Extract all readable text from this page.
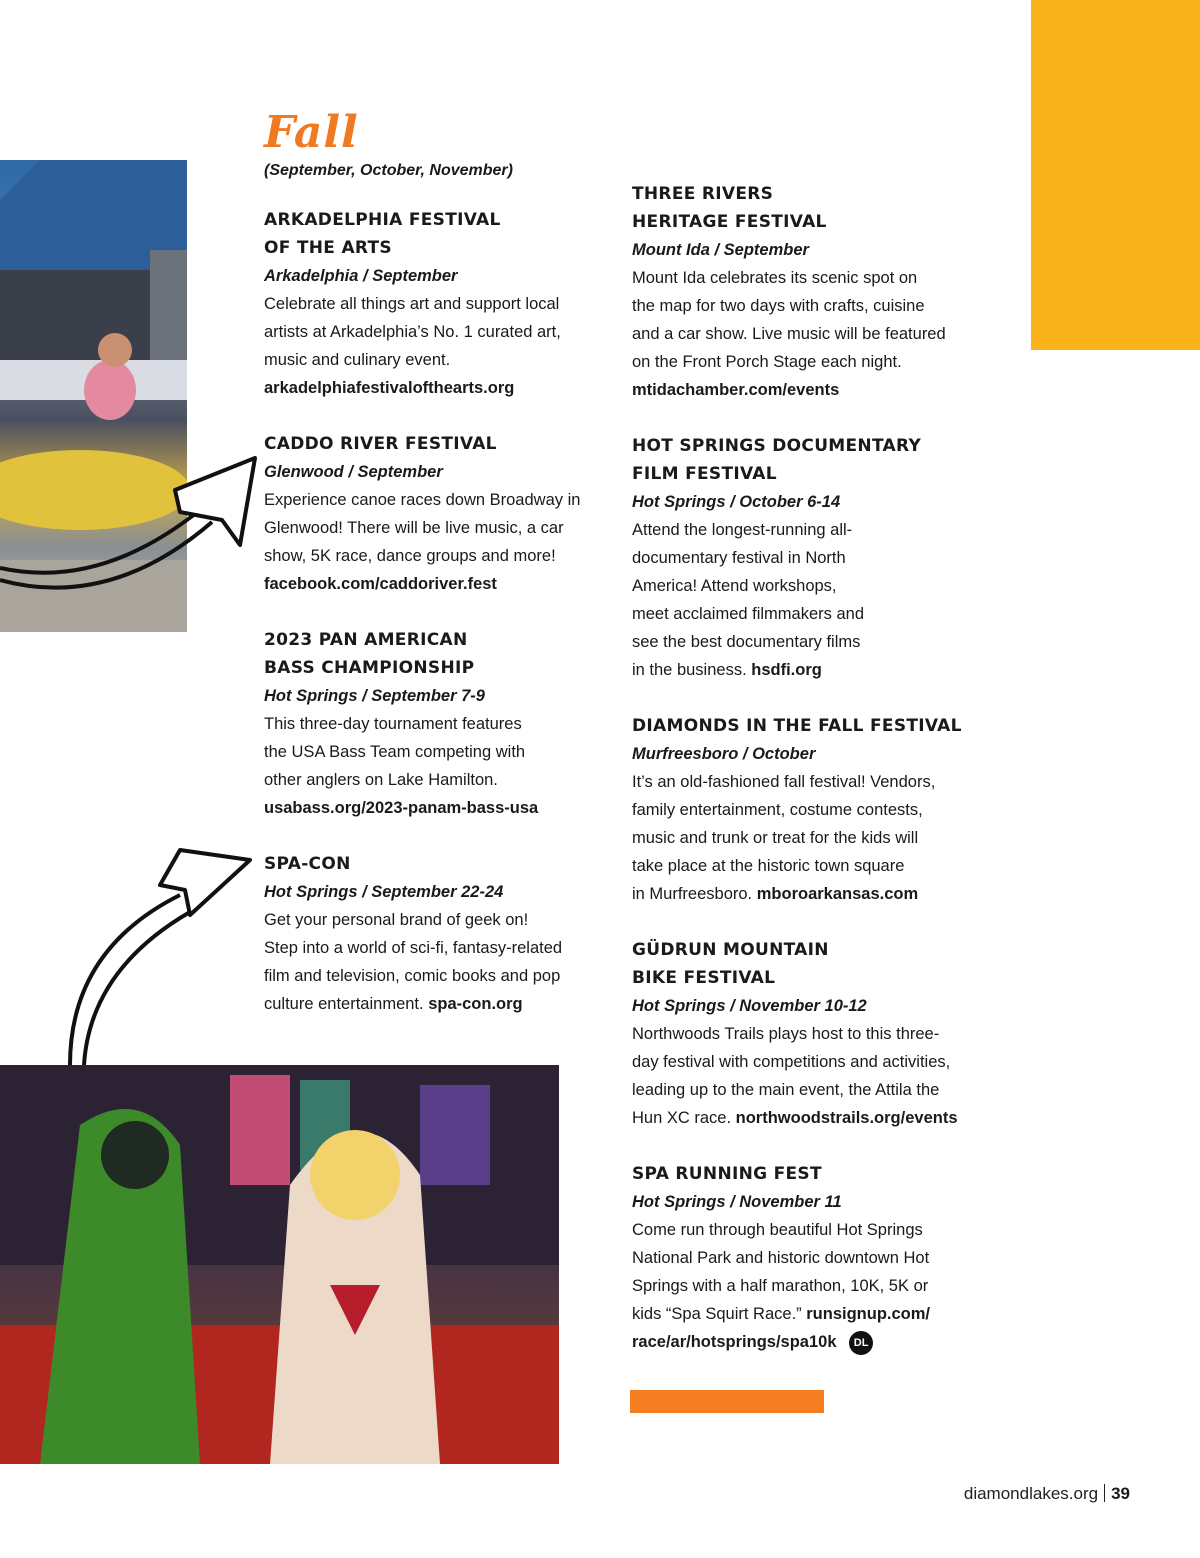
Fall
(September, October, November)
ARKADELPHIA FESTIVAL
OF THE ARTS
Arkadelphia / September

Celebrate all things art and support local
artists at Arkadelphia’s No. 1 curated art,
music and culinary event.

arkadelphiafestivalofthearts.org
CADDO RIVER FESTIVAL
Glenwood / September

Experience canoe races down Broadway in
Glenwood! There will be live music, a car
show, 5K race, dance groups and more!

facebook.com/caddoriver.fest
2023 PAN AMERICAN
BASS CHAMPIONSHIP
Hot Springs / September 7-9

This three-day tournament features
the USA Bass Team competing with
other anglers on Lake Hamilton.

usabass.org/2023-panam-bass-usa
SPA-CON
Hot Springs / September 22-24

Get your personal brand of geek on!
Step into a world of sci-fi, fantasy-related
film and television, comic books and pop
culture entertainment. spa-con.org

THREE RIVERS
HERITAGE FESTIVAL
Mount Ida / September

Mount Ida celebrates its scenic spot on
the map for two days with crafts, cuisine
and a car show. Live music will be featured
on the Front Porch Stage each night.

mtidachamber.com/events
HOT SPRINGS DOCUMENTARY
FILM FESTIVAL
Hot Springs / October 6-14

Attend the longest-running all-
documentary festival in North
America! Attend workshops,
meet acclaimed filmmakers and
see the best documentary films
in the business. hsdfi.org

DIAMONDS IN THE FALL FESTIVAL
Murfreesboro / October

It’s an old-fashioned fall festival! Vendors,
family entertainment, costume contests,
music and trunk or treat for the kids will
take place at the historic town square
in Murfreesboro. mboroarkansas.com

GÜDRUN MOUNTAIN
BIKE FESTIVAL
Hot Springs / November 10-12

Northwoods Trails plays host to this three-
day festival with competitions and activities,
leading up to the main event, the Attila the
Hun XC race. northwoodstrails.org/events

SPA RUNNING FEST
Hot Springs / November 11

Come run through beautiful Hot Springs
National Park and historic downtown Hot
Springs with a half marathon, 10K, 5K or
kids “Spa Squirt Race.” runsignup.com/
race/ar/hotsprings/spa10k DL

diamondlakes.org 39
